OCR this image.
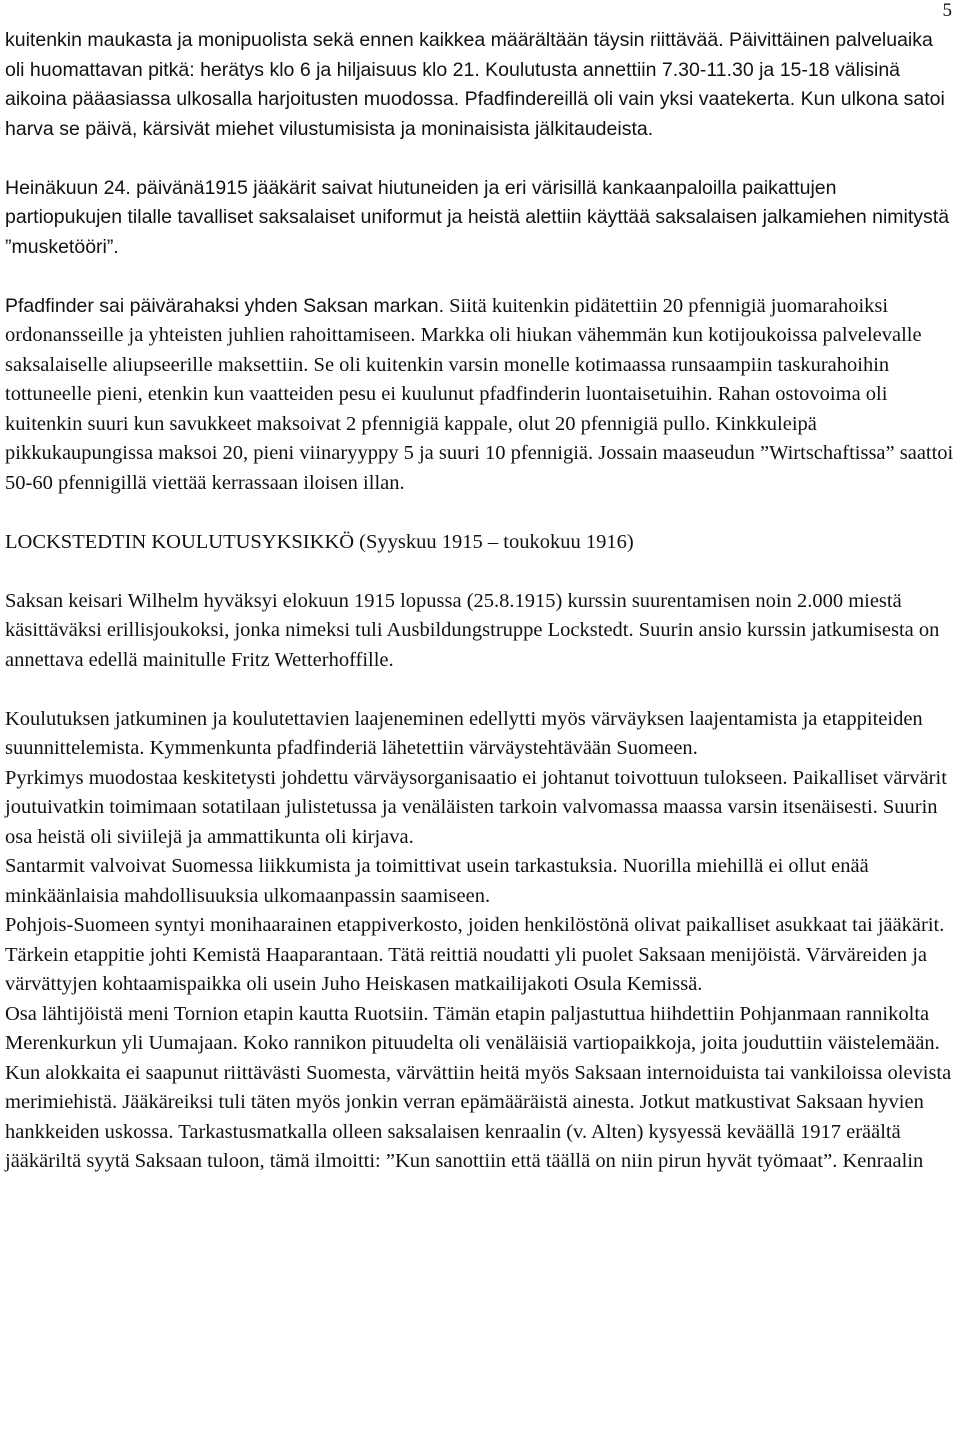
5

kuitenkin maukasta ja monipuolista sekä ennen kaikkea määrältään täysin riittävää. Päivittäinen palveluaika oli huomattavan pitkä: herätys klo 6 ja hiljaisuus klo 21. Koulutusta annettiin 7.30-11.30 ja 15-18 välisinä aikoina pääasiassa ulkosalla harjoitusten muodossa. Pfadfindereillä oli vain yksi vaatekerta. Kun ulkona satoi harva se päivä, kärsivät miehet vilustumisista ja moninaisista jälkitaudeista.

Heinäkuun 24. päivänä1915 jääkärit saivat hiutuneiden ja eri värisillä kankaanpaloilla paikattujen partiopukujen tilalle tavalliset saksalaiset uniformut ja heistä alettiin käyttää saksalaisen jalkamiehen nimitystä ”musketööri”.

Pfadfinder sai päivärahaksi yhden Saksan markan. Siitä kuitenkin pidätettiin 20 pfennigiä juomarahoiksi ordonansseille ja yhteisten juhlien rahoittamiseen. Markka oli hiukan vähemmän kun kotijoukoissa palvelevalle saksalaiselle aliupseerille maksettiin. Se oli kuitenkin varsin monelle kotimaassa runsaampiin taskurahoihin tottuneelle pieni, etenkin kun vaatteiden pesu ei kuulunut pfadfinderin luontaisetuihin. Rahan ostovoima oli kuitenkin suuri kun savukkeet maksoivat 2 pfennigiä kappale, olut 20 pfennigiä pullo. Kinkkuleipä pikkukaupungissa maksoi 20, pieni viinaryyppy 5 ja suuri 10 pfennigiä. Jossain maaseudun ”Wirtschaftissa” saattoi 50-60 pfennigillä viettää kerrassaan iloisen illan.

LOCKSTEDTIN KOULUTUSYKSIKKÖ (Syyskuu 1915 – toukokuu 1916)

Saksan keisari Wilhelm hyväksyi elokuun 1915 lopussa (25.8.1915) kurssin suurentamisen noin 2.000 miestä käsittäväksi erillisjoukoksi, jonka nimeksi tuli Ausbildungstruppe Lockstedt. Suurin ansio kurssin jatkumisesta on annettava edellä mainitulle Fritz Wetterhoffille.

Koulutuksen jatkuminen ja koulutettavien laajeneminen edellytti myös värväyksen laajentamista ja etappiteiden suunnittelemista. Kymmenkunta pfadfinderiä lähetettiin värväystehtävään Suomeen.

Pyrkimys muodostaa keskitetysti johdettu värväysorganisaatio ei johtanut toivottuun tulokseen. Paikalliset värvärit joutuivatkin toimimaan sotatilaan julistetussa ja venäläisten tarkoin valvomassa maassa varsin itsenäisesti. Suurin osa heistä oli siviilejä ja ammattikunta oli kirjava.

Santarmit valvoivat Suomessa liikkumista ja toimittivat usein tarkastuksia. Nuorilla miehillä ei ollut enää minkäänlaisia mahdollisuuksia ulkomaanpassin saamiseen.

Pohjois-Suomeen syntyi monihaarainen etappiverkosto, joiden henkilöstönä olivat paikalliset asukkaat tai jääkärit. Tärkein etappitie johti Kemistä Haaparantaan. Tätä reittiä noudatti yli puolet Saksaan menijöistä. Värväreiden ja värvättyjen kohtaamispaikka oli usein Juho Heiskasen matkailijakoti Osula Kemissä.

Osa lähtijöistä meni Tornion etapin kautta Ruotsiin. Tämän etapin paljastuttua hiihdettiin Pohjanmaan rannikolta Merenkurkun yli Uumajaan. Koko rannikon pituudelta oli venäläisiä vartiopaikkoja, joita jouduttiin väistelemään.

Kun alokkaita ei saapunut riittävästi Suomesta, värvättiin heitä myös Saksaan internoiduista tai vankiloissa olevista merimiehistä. Jääkäreiksi tuli täten myös jonkin verran epämääräistä ainesta. Jotkut matkustivat Saksaan hyvien hankkeiden uskossa. Tarkastusmatkalla olleen saksalaisen kenraalin (v. Alten) kysyessä keväällä 1917 eräältä jääkäriltä syytä Saksaan tuloon, tämä ilmoitti: ”Kun sanottiin että täällä on niin pirun hyvät työmaat”. Kenraalin
